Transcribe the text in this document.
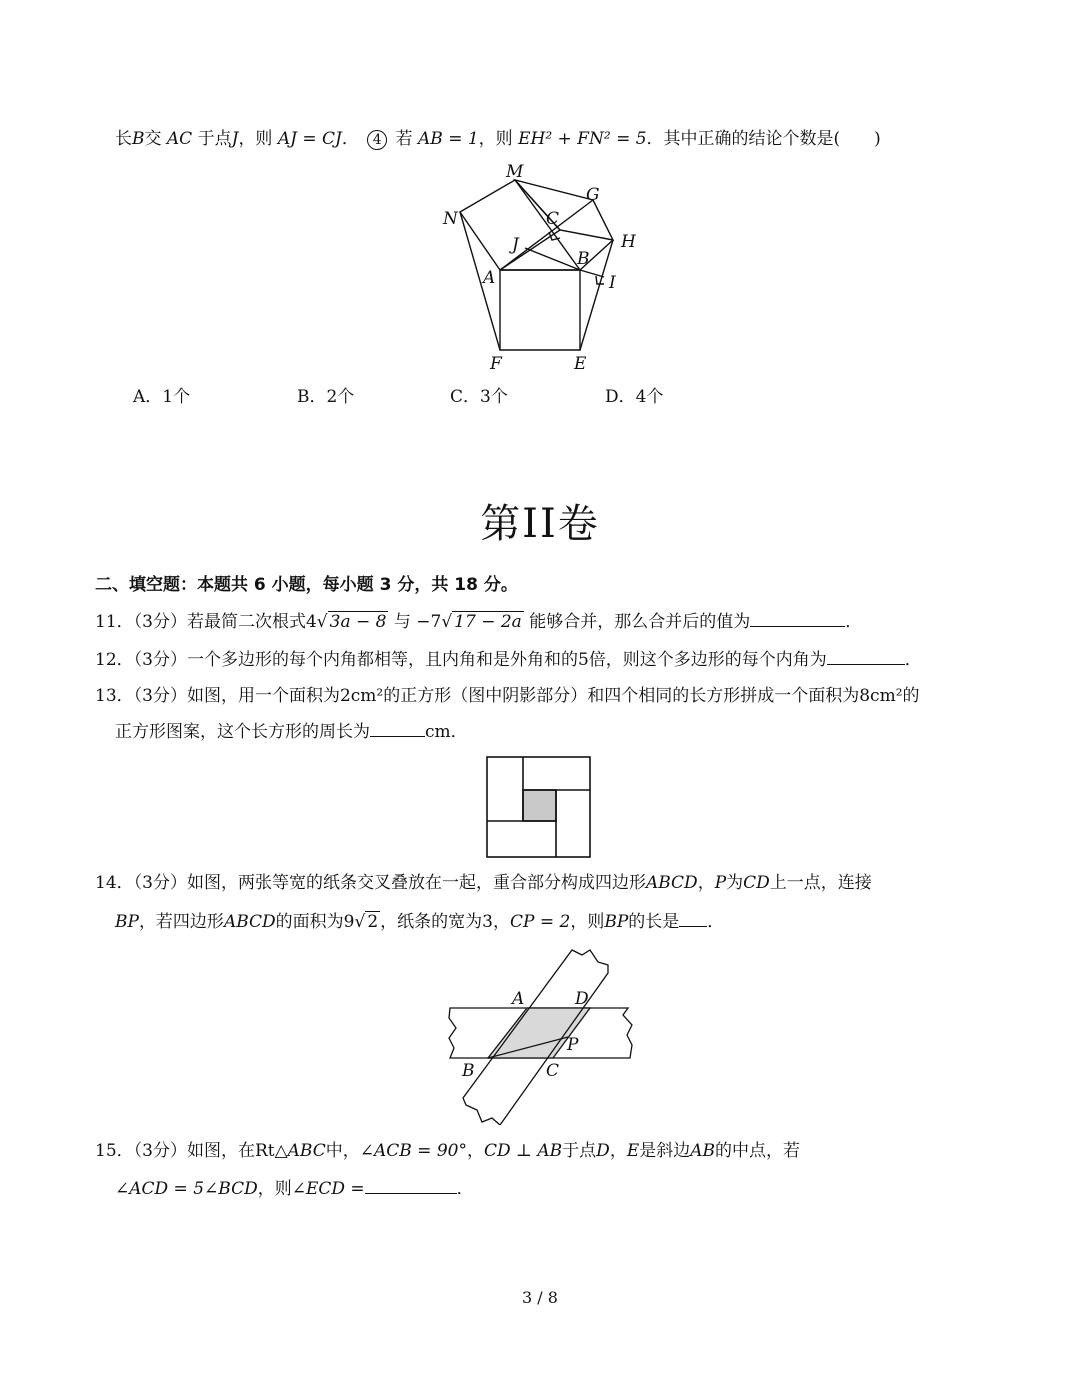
长B交 AC 于点J，则 AJ = CJ． 4 若 AB = 1，则 EH² + FN² = 5．其中正确的结论个数是(　　)
M
G
N	C
J	H
A
B
I
F	E
A．1个	B．2个	C．3个	D．4个
第II卷
二、填空题：本题共 6 小题，每小题 3 分，共 18 分。
11．（3分）若最简二次根式4√ 3a − 8 与 −7√ 17 − 2a 能够合并，那么合并后的值为	．
12．（3分）一个多边形的每个内角都相等，且内角和是外角和的5倍，则这个多边形的每个内角为	．
13．（3分）如图，用一个面积为2cm²的正方形（图中阴影部分）和四个相同的长方形拼成一个面积为8cm²的
正方形图案，这个长方形的周长为	cm．
14．（3分）如图，两张等宽的纸条交叉叠放在一起，重合部分构成四边形ABCD，P为CD上一点，连接
BP，若四边形ABCD的面积为9√ 2 ，纸条的宽为3，CP = 2，则BP的长是 ．
A	D
P
B	C
15．（3分）如图，在Rt△ABC中，∠ACB = 90°，CD ⊥ AB于点D，E是斜边AB的中点，若
∠ACD = 5∠BCD，则∠ECD =	．
3 / 8
